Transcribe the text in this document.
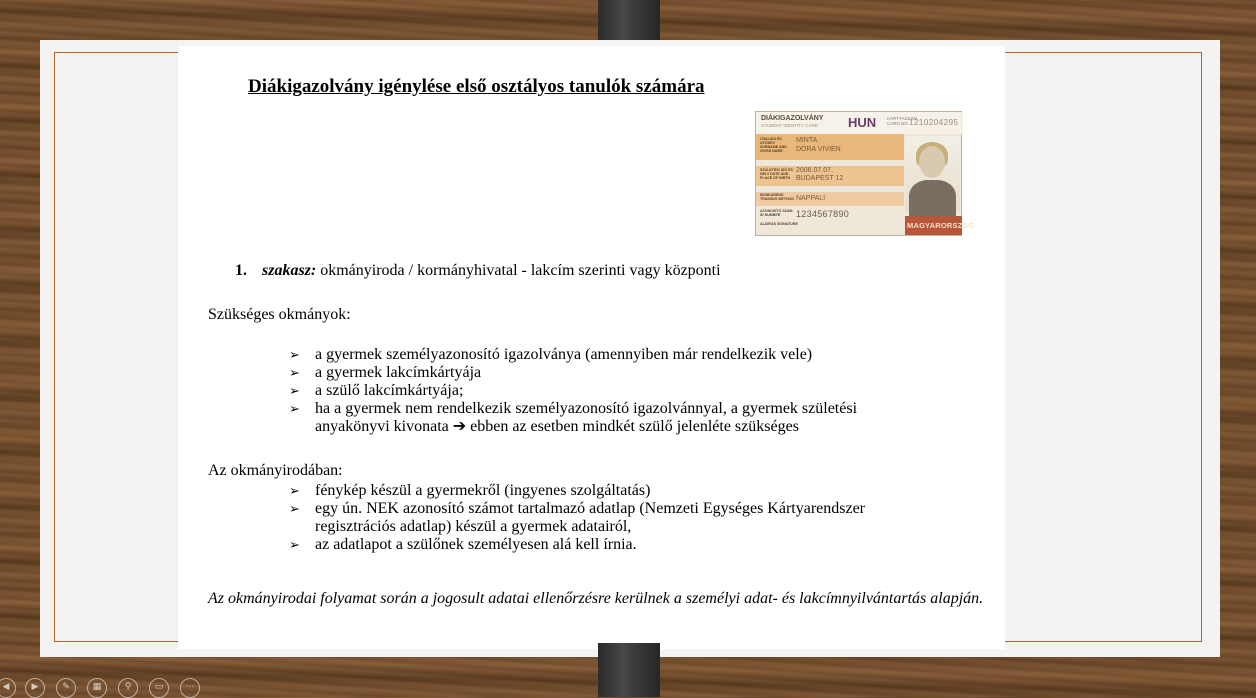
Diákigazolvány igénylése első osztályos tanulók számára
DIÁKIGAZOLVÁNY
STUDENT IDENTITY CARD HUN KÁRTYASZÁM CARD NO 1210204295
CSALÁDI ÉS UTÓNÉV SURNAME AND GIVEN NAME
MINTA
DÓRA VIVIEN
SZÜLETÉSI IDŐ ÉS HELY DATE AND PLACE OF BIRTH
2006.07.07.
BUDAPEST 12
MUNKAREND TRAINING METHOD NAPPALI
AZONOSÍTÓ SZÁM ID NUMBER	1234567890
ALÁÍRÁS SIGNATURE	MAGYARORSZÁG
1. szakasz: okmányiroda / kormányhivatal - lakcím szerinti vagy központi
Szükséges okmányok:
➢ a gyermek személyazonosító igazolványa (amennyiben már rendelkezik vele)
➢ a gyermek lakcímkártyája
➢ a szülő lakcímkártyája;
➢ ha a gyermek nem rendelkezik személyazonosító igazolvánnyal, a gyermek születési
anyakönyvi kivonata ➔ ebben az esetben mindkét szülő jelenléte szükséges
Az okmányirodában:
➢ fénykép készül a gyermekről (ingyenes szolgáltatás)
➢ egy ún. NEK azonosító számot tartalmazó adatlap (Nemzeti Egységes Kártyarendszer
regisztrációs adatlap) készül a gyermek adatairól,
➢ az adatlapot a szülőnek személyesen alá kell írnia.
Az okmányirodai folyamat során a jogosult adatai ellenőrzésre kerülnek a személyi adat- és lakcímnyilvántartás alapján.
◀	▶	✎	▦	⚲	▭	⋯
